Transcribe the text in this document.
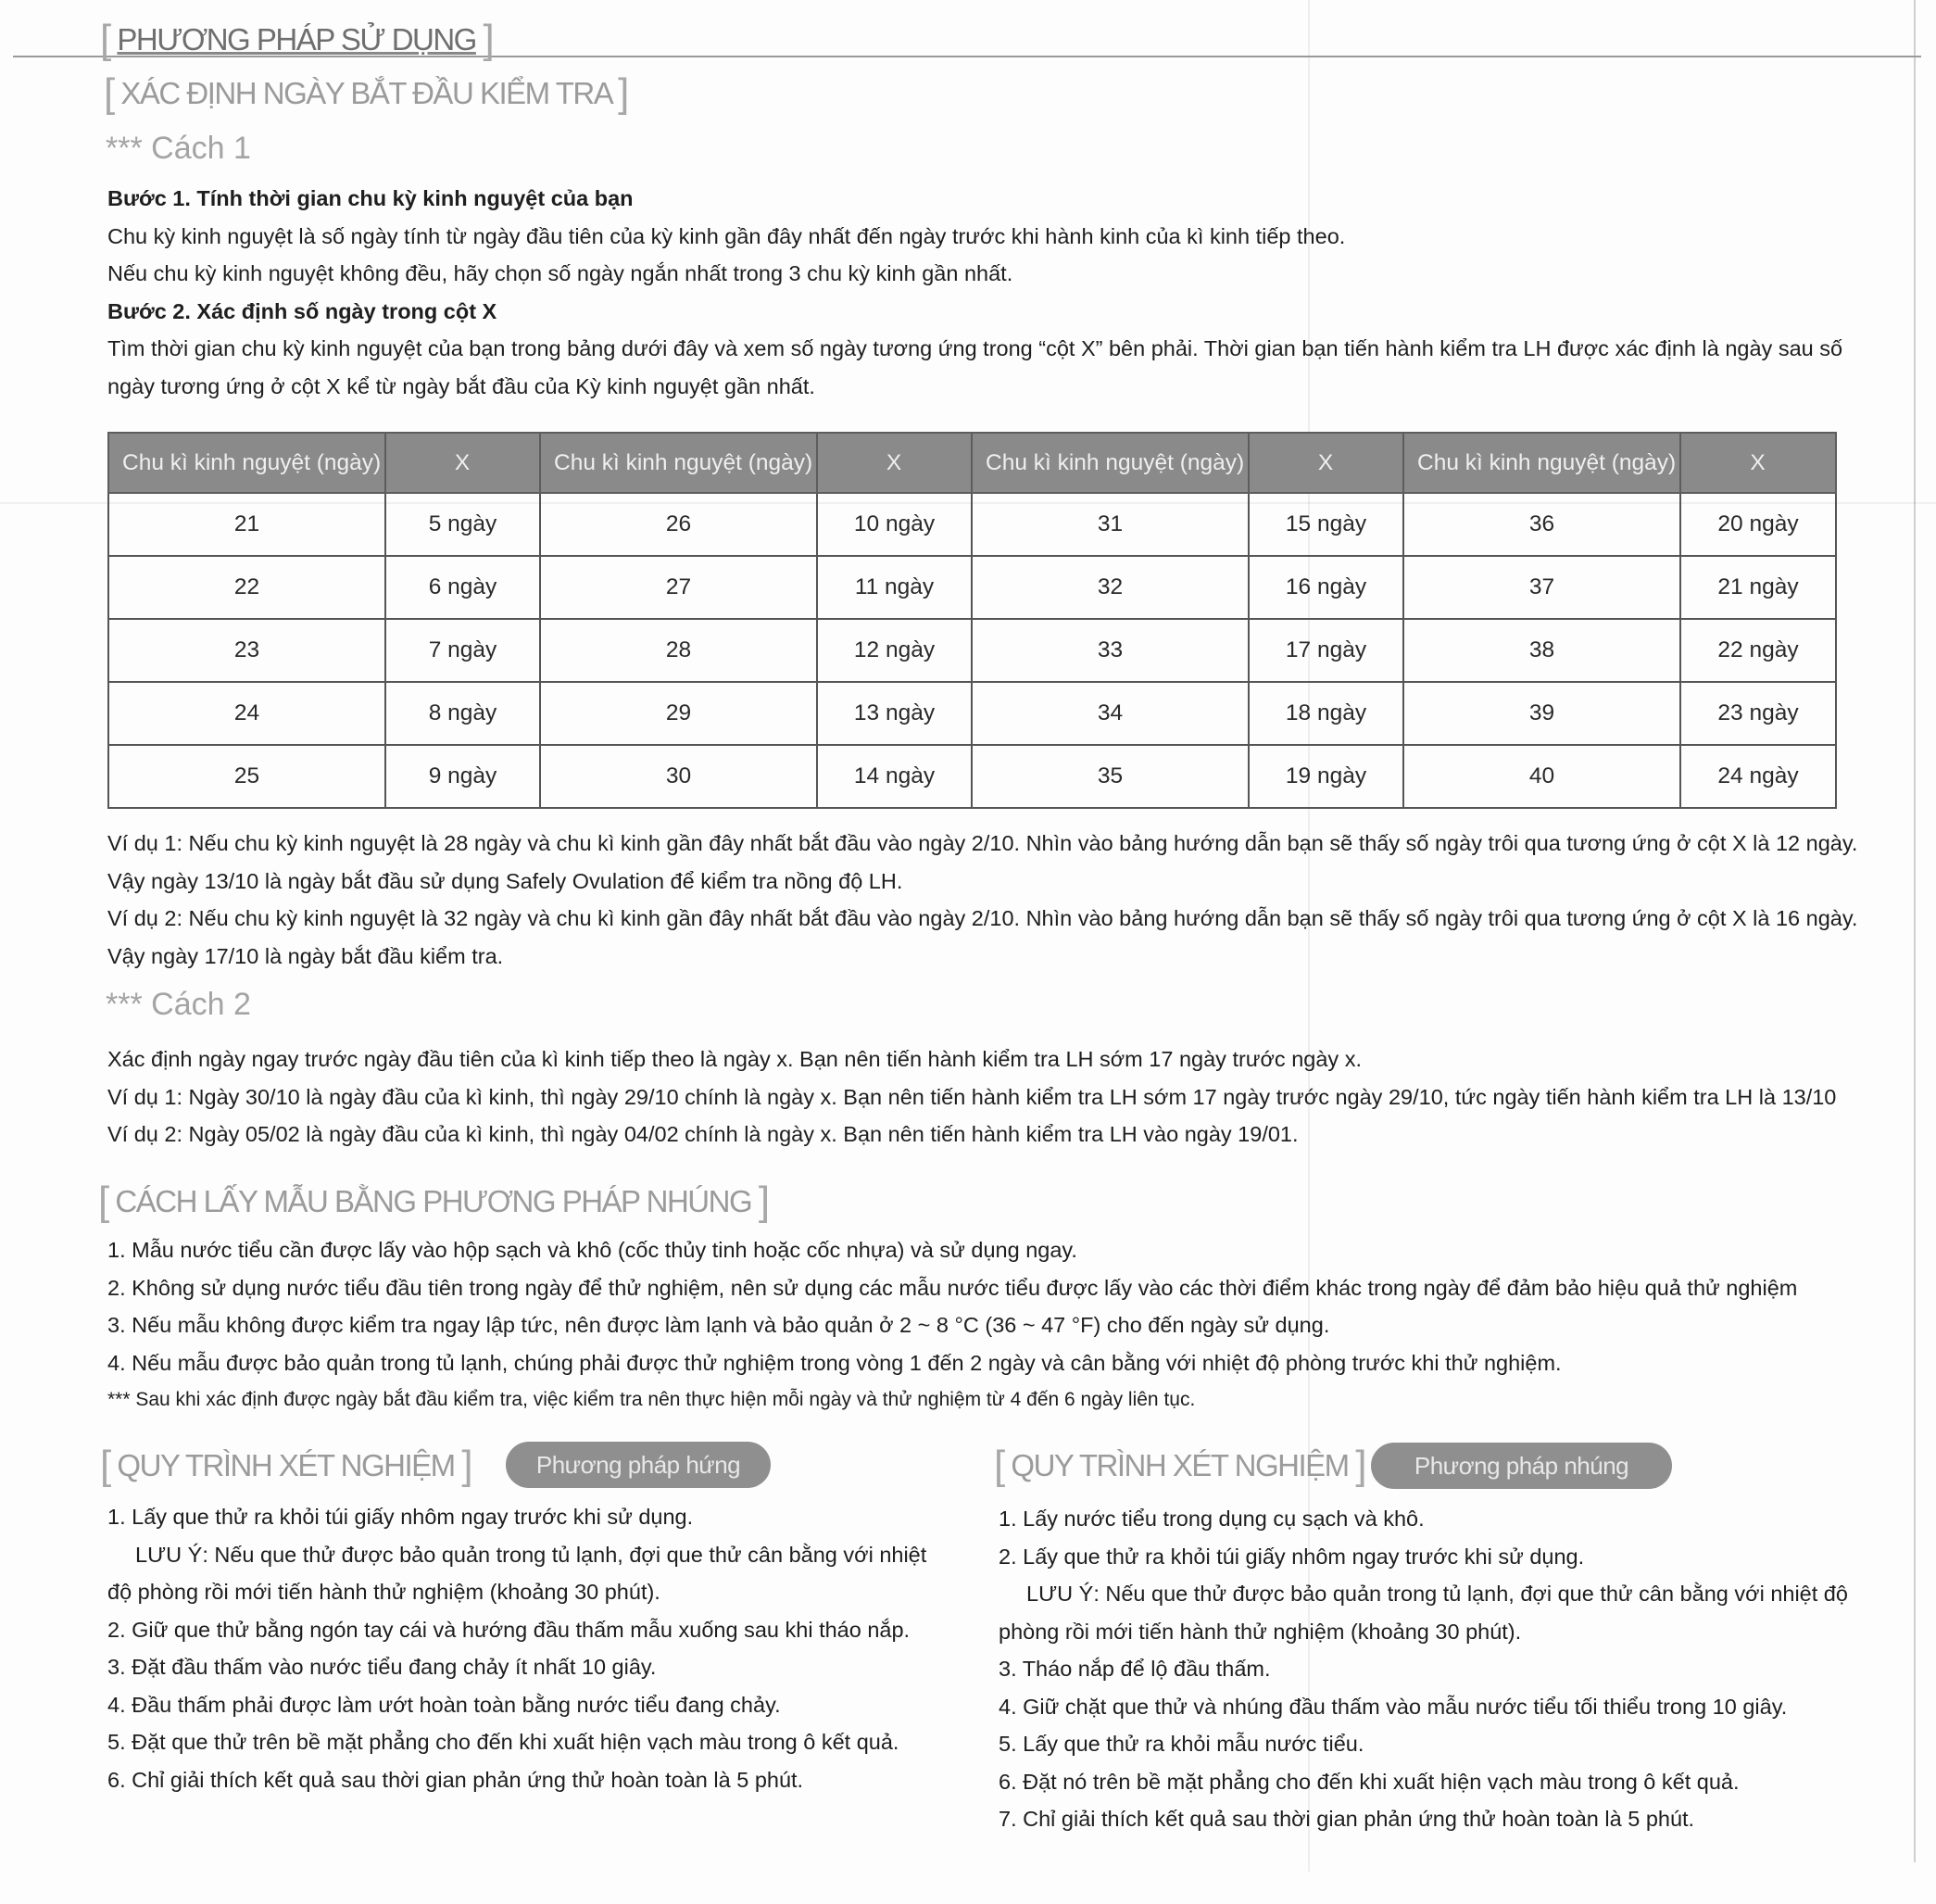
[ PHƯƠNG PHÁP SỬ DỤNG ]
[ XÁC ĐỊNH NGÀY BẮT ĐẦU KIỂM TRA ]
*** Cách 1
Bước 1. Tính thời gian chu kỳ kinh nguyệt của bạn
Chu kỳ kinh nguyệt là số ngày tính từ ngày đầu tiên của kỳ kinh gần đây nhất đến ngày trước khi hành kinh của kì kinh tiếp theo.
Nếu chu kỳ kinh nguyệt không đều, hãy chọn số ngày ngắn nhất trong 3 chu kỳ kinh gần nhất.
Bước 2. Xác định số ngày trong cột X
Tìm thời gian chu kỳ kinh nguyệt của bạn trong bảng dưới đây và xem số ngày tương ứng trong “cột X” bên phải. Thời gian bạn tiến hành kiểm tra LH được xác định là ngày sau số
ngày tương ứng ở cột X kể từ ngày bắt đầu của Kỳ kinh nguyệt gần nhất.
Chu kì kinh nguyệt (ngày)	X	Chu kì kinh nguyệt (ngày)	X	Chu kì kinh nguyệt (ngày)	X	Chu kì kinh nguyệt (ngày)	X
21	5 ngày	26	10 ngày	31	15 ngày	36	20 ngày
22	6 ngày	27	11 ngày	32	16 ngày	37	21 ngày
23	7 ngày	28	12 ngày	33	17 ngày	38	22 ngày
24	8 ngày	29	13 ngày	34	18 ngày	39	23 ngày
25	9 ngày	30	14 ngày	35	19 ngày	40	24 ngày
Ví dụ 1: Nếu chu kỳ kinh nguyệt là 28 ngày và chu kì kinh gần đây nhất bắt đầu vào ngày 2/10. Nhìn vào bảng hướng dẫn bạn sẽ thấy số ngày trôi qua tương ứng ở cột X là 12 ngày.
Vậy ngày 13/10 là ngày bắt đầu sử dụng Safely Ovulation để kiểm tra nồng độ LH.
Ví dụ 2: Nếu chu kỳ kinh nguyệt là 32 ngày và chu kì kinh gần đây nhất bắt đầu vào ngày 2/10. Nhìn vào bảng hướng dẫn bạn sẽ thấy số ngày trôi qua tương ứng ở cột X là 16 ngày.
Vậy ngày 17/10 là ngày bắt đầu kiểm tra.
*** Cách 2
Xác định ngày ngay trước ngày đầu tiên của kì kinh tiếp theo là ngày x. Bạn nên tiến hành kiểm tra LH sớm 17 ngày trước ngày x.
Ví dụ 1: Ngày 30/10 là ngày đầu của kì kinh, thì ngày 29/10 chính là ngày x. Bạn nên tiến hành kiểm tra LH sớm 17 ngày trước ngày 29/10, tức ngày tiến hành kiểm tra LH là 13/10
Ví dụ 2: Ngày 05/02 là ngày đầu của kì kinh, thì ngày 04/02 chính là ngày x. Bạn nên tiến hành kiểm tra LH vào ngày 19/01.
[ CÁCH LẤY MẪU BẰNG PHƯƠNG PHÁP NHÚNG ]
1. Mẫu nước tiểu cần được lấy vào hộp sạch và khô (cốc thủy tinh hoặc cốc nhựa) và sử dụng ngay.
2. Không sử dụng nước tiểu đầu tiên trong ngày để thử nghiệm, nên sử dụng các mẫu nước tiểu được lấy vào các thời điểm khác trong ngày để đảm bảo hiệu quả thử nghiệm
3. Nếu mẫu không được kiểm tra ngay lập tức, nên được làm lạnh và bảo quản ở 2 ~ 8 °C (36 ~ 47 °F) cho đến ngày sử dụng.
4. Nếu mẫu được bảo quản trong tủ lạnh, chúng phải được thử nghiệm trong vòng 1 đến 2 ngày và cân bằng với nhiệt độ phòng trước khi thử nghiệm.
*** Sau khi xác định được ngày bắt đầu kiểm tra, việc kiểm tra nên thực hiện mỗi ngày và thử nghiệm từ 4 đến 6 ngày liên tục.
[ QUY TRÌNH XÉT NGHIỆM ]	Phương pháp hứng
1. Lấy que thử ra khỏi túi giấy nhôm ngay trước khi sử dụng.
LƯU Ý: Nếu que thử được bảo quản trong tủ lạnh, đợi que thử cân bằng với nhiệt
độ phòng rồi mới tiến hành thử nghiệm (khoảng 30 phút).
2. Giữ que thử bằng ngón tay cái và hướng đầu thấm mẫu xuống sau khi tháo nắp.
3. Đặt đầu thấm vào nước tiểu đang chảy ít nhất 10 giây.
4. Đầu thấm phải được làm ướt hoàn toàn bằng nước tiểu đang chảy.
5. Đặt que thử trên bề mặt phẳng cho đến khi xuất hiện vạch màu trong ô kết quả.
6. Chỉ giải thích kết quả sau thời gian phản ứng thử hoàn toàn là 5 phút.
[ QUY TRÌNH XÉT NGHIỆM ]	Phương pháp nhúng
1. Lấy nước tiểu trong dụng cụ sạch và khô.
2. Lấy que thử ra khỏi túi giấy nhôm ngay trước khi sử dụng.
LƯU Ý: Nếu que thử được bảo quản trong tủ lạnh, đợi que thử cân bằng với nhiệt độ
phòng rồi mới tiến hành thử nghiệm (khoảng 30 phút).
3. Tháo nắp để lộ đầu thấm.
4. Giữ chặt que thử và nhúng đầu thấm vào mẫu nước tiểu tối thiểu trong 10 giây.
5. Lấy que thử ra khỏi mẫu nước tiểu.
6. Đặt nó trên bề mặt phẳng cho đến khi xuất hiện vạch màu trong ô kết quả.
7. Chỉ giải thích kết quả sau thời gian phản ứng thử hoàn toàn là 5 phút.
